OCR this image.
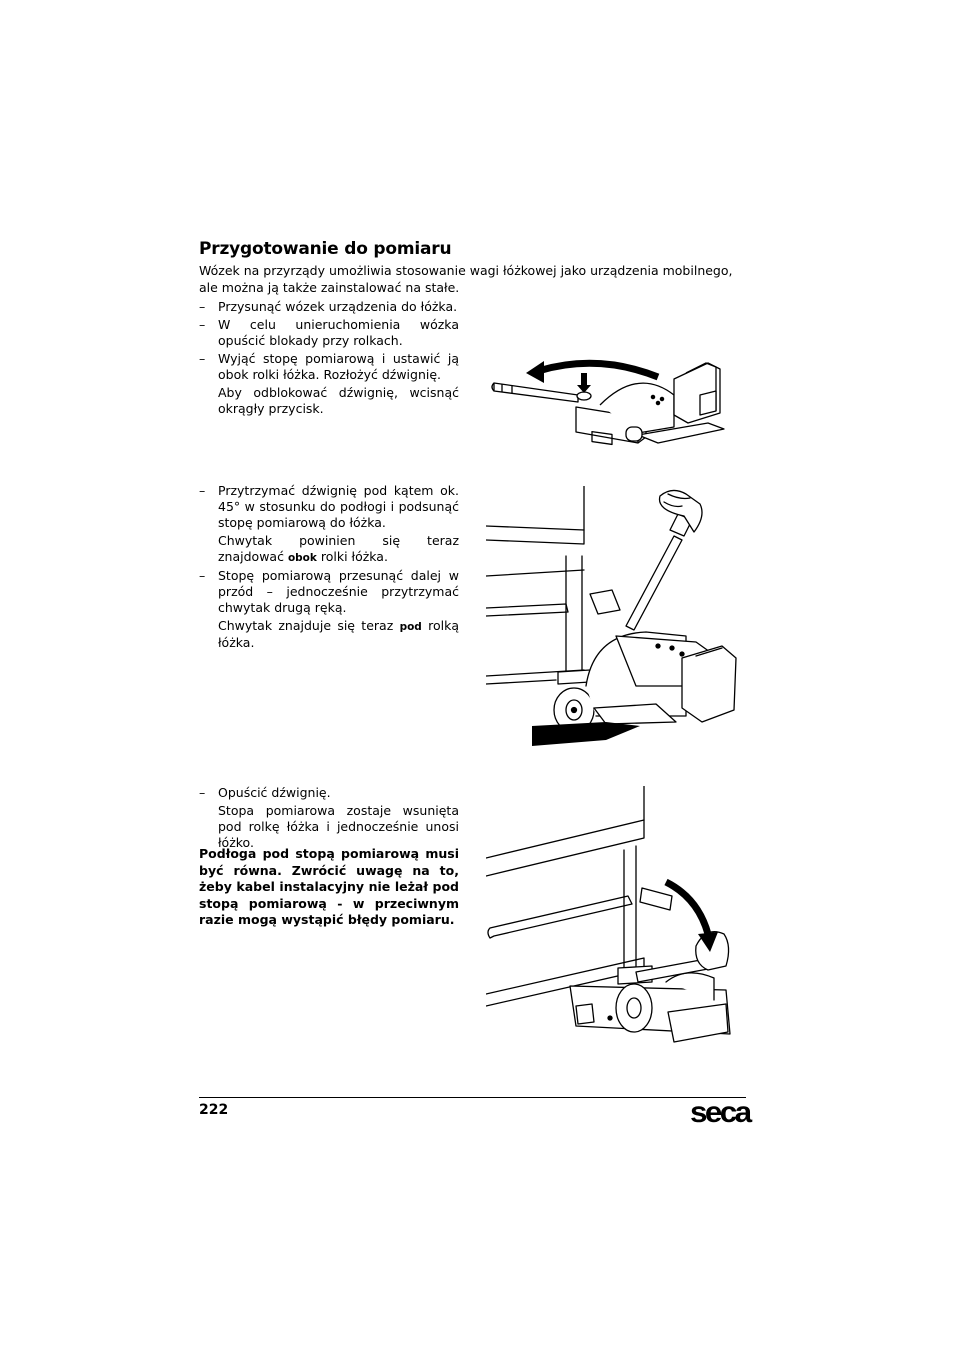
Przygotowanie do pomiaru
Wózek na przyrządy umożliwia stosowanie wagi łóżkowej jako urządzenia mobilnego, ale można ją także zainstalować na stałe.
– Przysunąć wózek urządzenia do łóżka.
– W celu unieruchomienia wózka opuścić blokady przy rolkach.
– Wyjąć stopę pomiarową i ustawić ją obok rolki łóżka. Rozłożyć dźwignię.
Aby odblokować dźwignię, wcisnąć okrągły przycisk.
– Przytrzymać dźwignię pod kątem ok. 45° w stosunku do podłogi i podsunąć stopę pomiarową do łóżka.
Chwytak powinien się teraz znajdować obok rolki łóżka.
– Stopę pomiarową przesunąć dalej w przód – jednocześnie przytrzymać chwytak drugą ręką.
Chwytak znajduje się teraz pod rolką łóżka.
– Opuścić dźwignię.
Stopa pomiarowa zostaje wsunięta pod rolkę łóżka i jednocześnie unosi łóżko.
Podłoga pod stopą pomiarową musi być równa. Zwrócić uwagę na to, żeby kabel instalacyjny nie leżał pod stopą pomiarową - w przeciwnym razie mogą wystąpić błędy pomiaru.
222	seca
